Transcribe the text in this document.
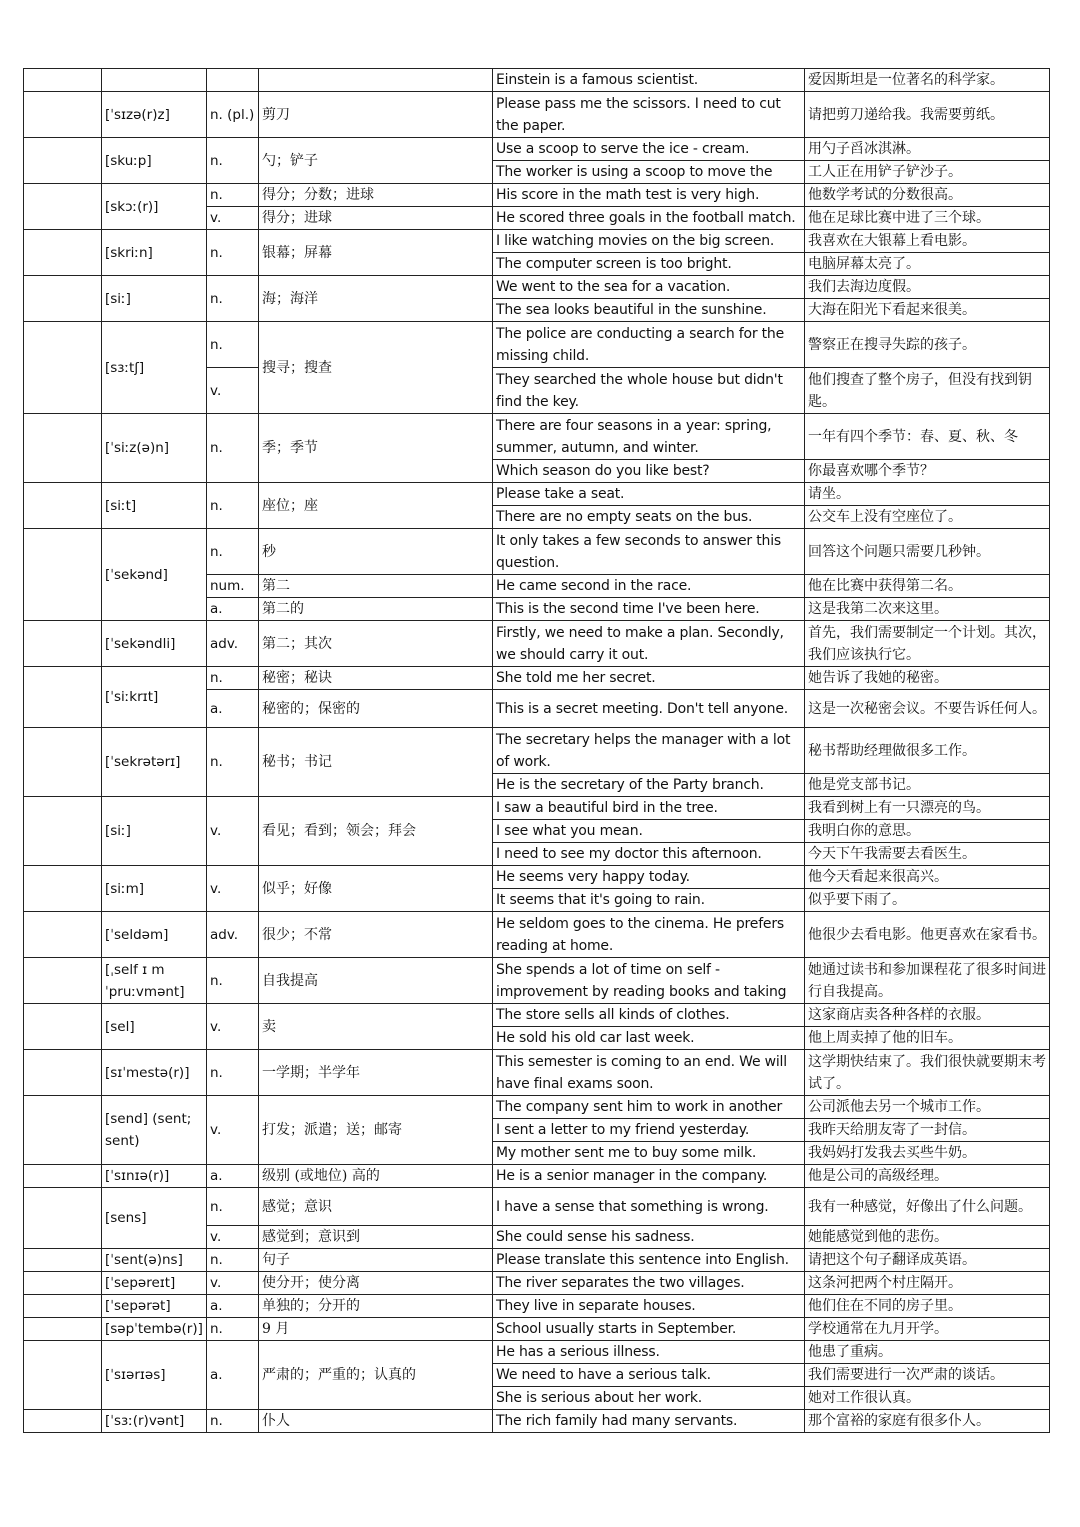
				Einstein is a famous scientist.	爱因斯坦是一位著名的科学家。
	[ˈsɪzə(r)z]	n. (pl.)	剪刀	Please pass me the scissors. I need to cut the paper.	请把剪刀递给我。我需要剪纸。
	[skuːp]	n.	勺；铲子	Use a scoop to serve the ice - cream.	用勺子舀冰淇淋。
				The worker is using a scoop to move the	工人正在用铲子铲沙子。
	[skɔː(r)]	n.	得分；分数；进球	His score in the math test is very high.	他数学考试的分数很高。
		v.	得分；进球	He scored three goals in the football match.	他在足球比赛中进了三个球。
	[skriːn]	n.	银幕；屏幕	I like watching movies on the big screen.	我喜欢在大银幕上看电影。
				The computer screen is too bright.	电脑屏幕太亮了。
	[siː]	n.	海；海洋	We went to the sea for a vacation.	我们去海边度假。
				The sea looks beautiful in the sunshine.	大海在阳光下看起来很美。
	[sɜːtʃ]	n.	搜寻；搜查	The police are conducting a search for the missing child.	警察正在搜寻失踪的孩子。
		v.		They searched the whole house but didn't find the key.	他们搜查了整个房子，但没有找到钥匙。
	[ˈsiːz(ə)n]	n.	季；季节	There are four seasons in a year: spring, summer, autumn, and winter.	一年有四个季节：春、夏、秋、冬
				Which season do you like best?	你最喜欢哪个季节？
	[siːt]	n.	座位；座	Please take a seat.	请坐。
				There are no empty seats on the bus.	公交车上没有空座位了。
	[ˈsekənd]	n.	秒	It only takes a few seconds to answer this question.	回答这个问题只需要几秒钟。
		num.	第二	He came second in the race.	他在比赛中获得第二名。
		a.	第二的	This is the second time I've been here.	这是我第二次来这里。
	[ˈsekəndli]	adv.	第二；其次	Firstly, we need to make a plan. Secondly, we should carry it out.	首先，我们需要制定一个计划。其次，我们应该执行它。
	[ˈsiːkrɪt]	n.	秘密；秘诀	She told me her secret.	她告诉了我她的秘密。
		a.	秘密的；保密的	This is a secret meeting. Don't tell anyone.	这是一次秘密会议。不要告诉任何人。
	[ˈsekrətərɪ]	n.	秘书；书记	The secretary helps the manager with a lot of work.	秘书帮助经理做很多工作。
				He is the secretary of the Party branch.	他是党支部书记。
	[siː]	v.	看见；看到；领会；拜会	I saw a beautiful bird in the tree.	我看到树上有一只漂亮的鸟。
				I see what you mean.	我明白你的意思。
				I need to see my doctor this afternoon.	今天下午我需要去看医生。
	[siːm]	v.	似乎；好像	He seems very happy today.	他今天看起来很高兴。
				It seems that it's going to rain.	似乎要下雨了。
	[ˈseldəm]	adv.	很少；不常	He seldom goes to the cinema. He prefers reading at home.	他很少去看电影。他更喜欢在家看书。
	[ˌself ɪ mˈpruːvmənt]	n.	自我提高	She spends a lot of time on self - improvement by reading books and taking	她通过读书和参加课程花了很多时间进行自我提高。
	[sel]	v.	卖	The store sells all kinds of clothes.	这家商店卖各种各样的衣服。
				He sold his old car last week.	他上周卖掉了他的旧车。
	[sɪˈmestə(r)]	n.	一学期；半学年	This semester is coming to an end. We will have final exams soon.	这学期快结束了。我们很快就要期末考试了。
	[send] (sent; sent)	v.	打发；派遣；送；邮寄	The company sent him to work in another	公司派他去另一个城市工作。
				I sent a letter to my friend yesterday.	我昨天给朋友寄了一封信。
				My mother sent me to buy some milk.	我妈妈打发我去买些牛奶。
	[ˈsɪnɪə(r)]	a.	级别 (或地位) 高的	He is a senior manager in the company.	他是公司的高级经理。
	[sens]	n.	感觉；意识	I have a sense that something is wrong.	我有一种感觉，好像出了什么问题。
		v.	感觉到；意识到	She could sense his sadness.	她能感觉到他的悲伤。
	[ˈsent(ə)ns]	n.	句子	Please translate this sentence into English.	请把这个句子翻译成英语。
	[ˈsepəreɪt]	v.	使分开；使分离	The river separates the two villages.	这条河把两个村庄隔开。
	[ˈsepərət]	a.	单独的；分开的	They live in separate houses.	他们住在不同的房子里。
	[səpˈtembə(r)]	n.	9 月	School usually starts in September.	学校通常在九月开学。
	[ˈsɪərɪəs]	a.	严肃的；严重的；认真的	He has a serious illness.	他患了重病。
				We need to have a serious talk.	我们需要进行一次严肃的谈话。
				She is serious about her work.	她对工作很认真。
	[ˈsɜː(r)vənt]	n.	仆人	The rich family had many servants.	那个富裕的家庭有很多仆人。
